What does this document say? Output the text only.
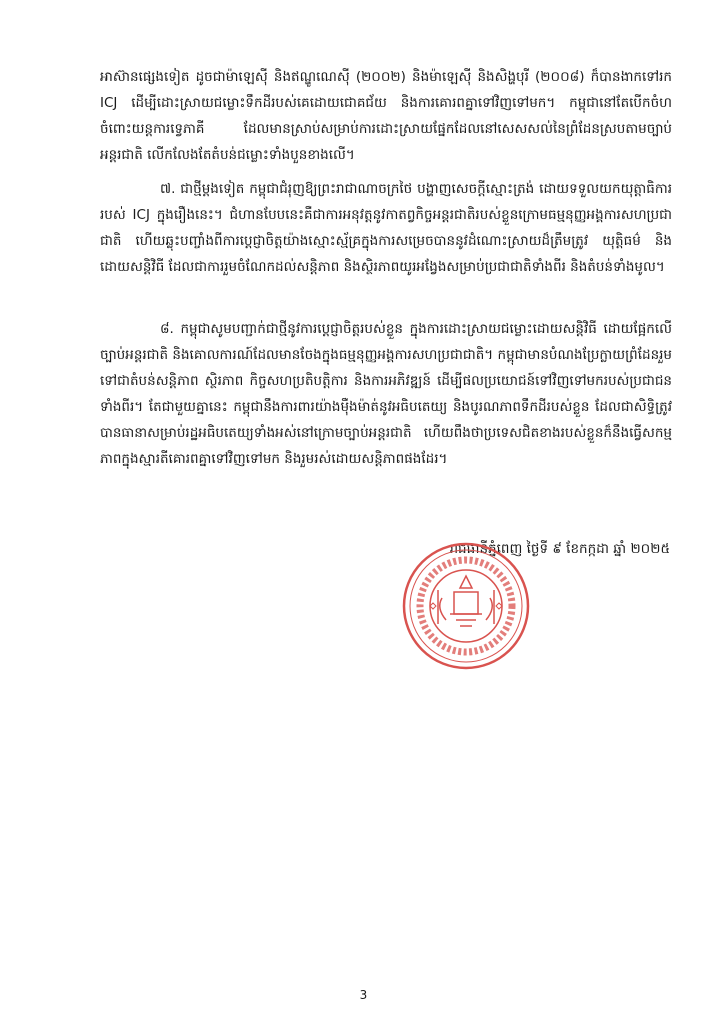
អាស៊ានផ្សេងទៀត ដូចជាម៉ាឡេស៊ី និងឥណ្ឌូណេស៊ី (២០០២) និងម៉ាឡេស៊ី និងសិង្ហបុរី (២០០៨) ក៏បានងាកទៅរក ICJ ដើម្បីដោះស្រាយជម្លោះទឹកដីរបស់គេដោយជោគជ័យ និងការគោរពគ្នាទៅវិញទៅមក។ កម្ពុជានៅតែបើកចំហចំពោះយន្តការទ្វេភាគី ដែលមានស្រាប់សម្រាប់ការដោះស្រាយផ្នែកដែលនៅសេសសល់នៃព្រំដែនស្របតាមច្បាប់អន្តរជាតិ លើកលែងតែតំបន់ជម្លោះទាំងបួនខាងលើ។

៧. ជាថ្មីម្តងទៀត កម្ពុជាជំរុញឱ្យព្រះរាជាណាចក្រថៃ បង្ហាញសេចក្តីស្មោះត្រង់ ដោយទទួលយកយុត្តាធិការរបស់ ICJ ក្នុងរឿងនេះ។ ជំហានបែបនេះគឺជាការអនុវត្តនូវកាតព្វកិច្ចអន្តរជាតិរបស់ខ្លួនក្រោមធម្មនុញ្ញអង្គការសហប្រជាជាតិ ហើយឆ្លុះបញ្ចាំងពីការប្តេជ្ញាចិត្តយ៉ាងស្មោះស្ម័គ្រក្នុងការសម្រេចបាននូវដំណោះស្រាយដ៏ត្រឹមត្រូវ យុត្តិធម៌ និងដោយសន្តិវិធី ដែលជាការរួមចំណែកដល់សន្តិភាព និងស្ថិរភាពយូរអង្វែងសម្រាប់ប្រជាជាតិទាំងពីរ និងតំបន់ទាំងមូល។

៨. កម្ពុជាសូមបញ្ជាក់ជាថ្មីនូវការប្តេជ្ញាចិត្តរបស់ខ្លួន ក្នុងការដោះស្រាយជម្លោះដោយសន្តិវិធី ដោយផ្អែកលើច្បាប់អន្តរជាតិ និងគោលការណ៍ដែលមានចែងក្នុងធម្មនុញ្ញអង្គការសហប្រជាជាតិ។ កម្ពុជាមានបំណងប្រែក្លាយព្រំដែនរួមទៅជាតំបន់សន្តិភាព ស្ថិរភាព កិច្ចសហប្រតិបត្តិការ និងការអភិវឌ្ឍន៍ ដើម្បីផលប្រយោជន៍ទៅវិញទៅមករបស់ប្រជាជនទាំងពីរ។ តែជាមួយគ្នានេះ កម្ពុជានឹងការពារយ៉ាងម៉ឺងម៉ាត់នូវអធិបតេយ្យ និងបូរណភាពទឹកដីរបស់ខ្លួន ដែលជាសិទ្ធិត្រូវបានធានាសម្រាប់រដ្ឋអធិបតេយ្យទាំងអស់នៅក្រោមច្បាប់អន្តរជាតិ ហើយពឹងថាប្រទេសជិតខាងរបស់ខ្លួនក៏នឹងធ្វើសកម្មភាពក្នុងស្មារតីគោរពគ្នាទៅវិញទៅមក និងរួមរស់ដោយសន្តិភាពផងដែរ។

រាជធានីភ្នំពេញ ថ្ងៃទី ៩ ខែកក្កដា ឆ្នាំ ២០២៥
3
